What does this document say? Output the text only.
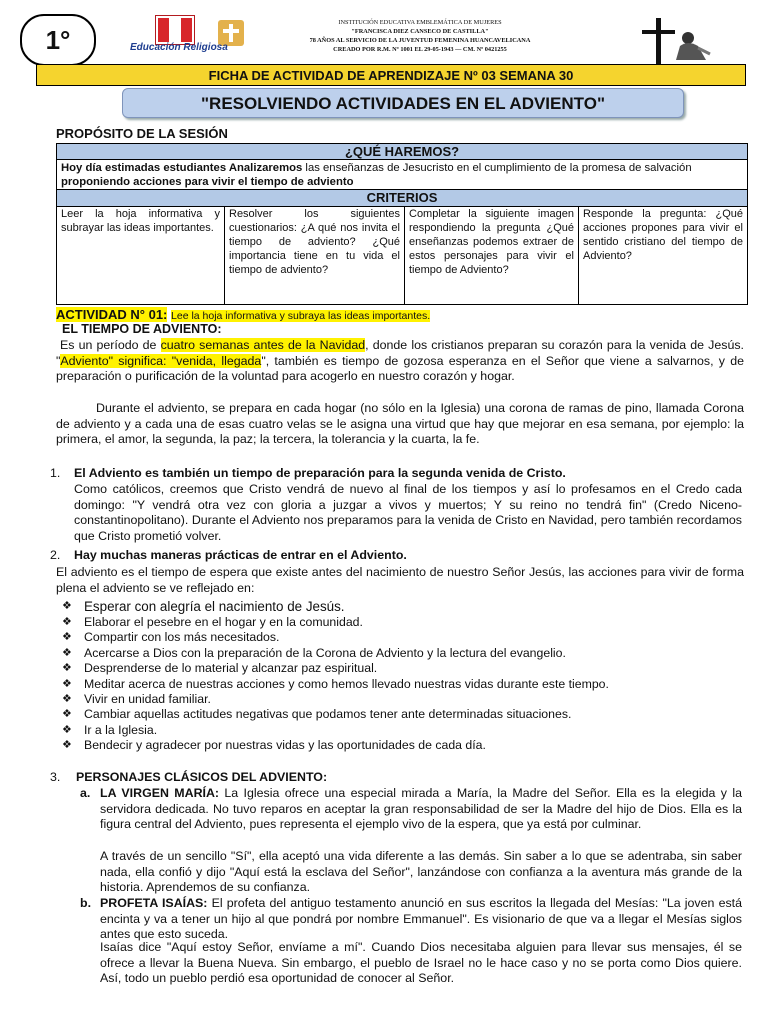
1°	Educación Religiosa
INSTITUCIÓN EDUCATIVA EMBLEMÁTICA DE MUJERES
"FRANCISCA DIEZ CANSECO DE CASTILLA"
78 AÑOS AL SERVICIO DE LA JUVENTUD FEMENINA HUANCAVELICANA
CREADO POR R.M. Nº 1001 EL 29-05-1943 — CM. Nº 0421255
FICHA DE ACTIVIDAD DE APRENDIZAJE Nº 03 SEMANA 30
"RESOLVIENDO ACTIVIDADES EN EL ADVIENTO"
PROPÓSITO DE LA SESIÓN
¿QUÉ HAREMOS?
Hoy día estimadas estudiantes Analizaremos las enseñanzas de Jesucristo en el cumplimiento de la promesa de salvación proponiendo acciones para vivir el tiempo de adviento
CRITERIOS
Leer la hoja informativa y subrayar las ideas importantes.
Resolver los siguientes cuestionarios: ¿A qué nos invita el tiempo de adviento? ¿Qué importancia tiene en tu vida el tiempo de adviento?
Completar la siguiente imagen respondiendo la pregunta ¿Qué enseñanzas podemos extraer de estos personajes para vivir el tiempo de Adviento?
Responde la pregunta: ¿Qué acciones propones para vivir el sentido cristiano del tiempo de Adviento?
ACTIVIDAD N° 01: Lee la hoja informativa y subraya las ideas importantes.
EL TIEMPO DE ADVIENTO:
Es un período de cuatro semanas antes de la Navidad, donde los cristianos preparan su corazón para la venida de Jesús. "Adviento" significa: "venida, llegada", también es tiempo de gozosa esperanza en el Señor que viene a salvarnos, y de preparación o purificación de la voluntad para acogerlo en nuestro corazón y hogar.
Durante el adviento, se prepara en cada hogar (no sólo en la Iglesia) una corona de ramas de pino, llamada Corona de adviento y a cada una de esas cuatro velas se le asigna una virtud que hay que mejorar en esa semana, por ejemplo: la primera, el amor, la segunda, la paz; la tercera, la tolerancia y la cuarta, la fe.
1. El Adviento es también un tiempo de preparación para la segunda venida de Cristo.
Como católicos, creemos que Cristo vendrá de nuevo al final de los tiempos y así lo profesamos en el Credo cada domingo: "Y vendrá otra vez con gloria a juzgar a vivos y muertos; Y su reino no tendrá fin" (Credo Niceno-constantinopolitano). Durante el Adviento nos preparamos para la venida de Cristo en Navidad, pero también recordamos que Cristo prometió volver.
2. Hay muchas maneras prácticas de entrar en el Adviento.
El adviento es el tiempo de espera que existe antes del nacimiento de nuestro Señor Jesús, las acciones para vivir de forma plena el adviento se ve reflejado en:
❖ Esperar con alegría el nacimiento de Jesús.
❖ Elaborar el pesebre en el hogar y en la comunidad.
❖ Compartir con los más necesitados.
❖ Acercarse a Dios con la preparación de la Corona de Adviento y la lectura del evangelio.
❖ Desprenderse de lo material y alcanzar paz espiritual.
❖ Meditar acerca de nuestras acciones y como hemos llevado nuestras vidas durante este tiempo.
❖ Vivir en unidad familiar.
❖ Cambiar aquellas actitudes negativas que podamos tener ante determinadas situaciones.
❖ Ir a la Iglesia.
❖ Bendecir y agradecer por nuestras vidas y las oportunidades de cada día.
3. PERSONAJES CLÁSICOS DEL ADVIENTO:
a. LA VIRGEN MARÍA: La Iglesia ofrece una especial mirada a María, la Madre del Señor. Ella es la elegida y la servidora dedicada. No tuvo reparos en aceptar la gran responsabilidad de ser la Madre del hijo de Dios. Ella es la figura central del Adviento, pues representa el ejemplo vivo de la espera, que ya está por culminar.
A través de un sencillo "Sí", ella aceptó una vida diferente a las demás. Sin saber a lo que se adentraba, sin saber nada, ella confió y dijo "Aquí está la esclava del Señor", lanzándose con confianza a la aventura más grande de la historia. Aprendemos de su confianza.
b. PROFETA ISAÍAS: El profeta del antiguo testamento anunció en sus escritos la llegada del Mesías: "La joven está encinta y va a tener un hijo al que pondrá por nombre Emmanuel". Es visionario de que va a llegar el Mesías siglos antes que esto suceda.
Isaías dice "Aquí estoy Señor, envíame a mí". Cuando Dios necesitaba alguien para llevar sus mensajes, él se ofrece a llevar la Buena Nueva. Sin embargo, el pueblo de Israel no le hace caso y no se porta como Dios quiere. Así, todo un pueblo perdió esa oportunidad de conocer al Señor.
